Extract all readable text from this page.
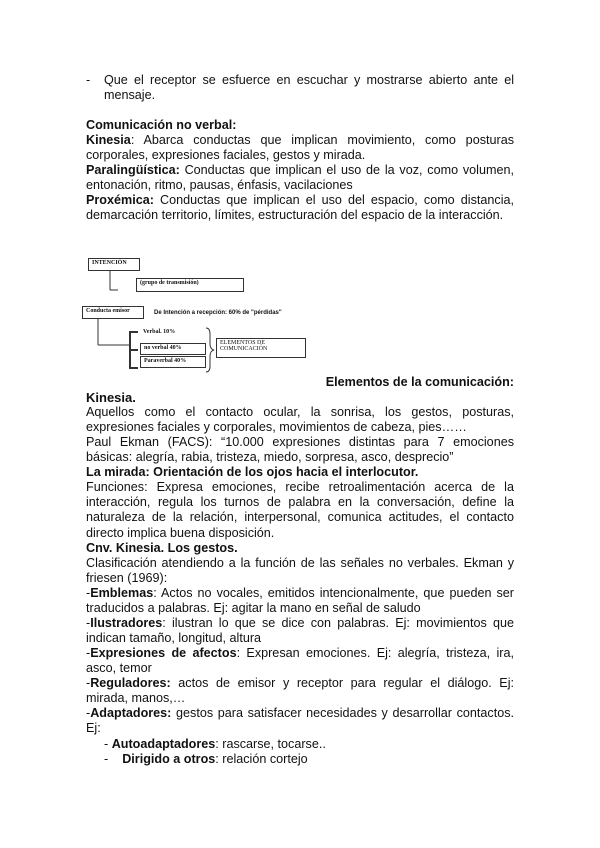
-	Que el receptor se esfuerce en escuchar y mostrarse abierto ante el mensaje.
Comunicación no verbal:
Kinesia: Abarca conductas que implican movimiento, como posturas corporales, expresiones faciales, gestos y mirada.
Paralingüística: Conductas que implican el uso de la voz, como volumen, entonación, ritmo, pausas, énfasis, vacilaciones
Proxémica: Conductas que implican el uso del espacio, como distancia, demarcación territorio, límites, estructuración del espacio de la interacción.
INTENCIÓN
(grupo de transmisión)
Conducta emisor	De Intención a recepción: 60% de "pérdidas"
Verbal. 10%
no verbal 40%
Paraverbal 40%
ELEMENTOS DE COMUNICACIÓN
Elementos de la comunicación:
Kinesia.
Aquellos como el contacto ocular, la sonrisa, los gestos, posturas, expresiones faciales y corporales, movimientos de cabeza, pies……
Paul Ekman (FACS): “10.000 expresiones distintas para 7 emociones básicas: alegría, rabia, tristeza, miedo, sorpresa, asco, desprecio”
La mirada: Orientación de los ojos hacia el interlocutor.
Funciones: Expresa emociones, recibe retroalimentación acerca de la interacción, regula los turnos de palabra en la conversación, define la naturaleza de la relación, interpersonal, comunica actitudes, el contacto directo implica buena disposición.
Cnv. Kinesia. Los gestos.
Clasificación atendiendo a la función de las señales no verbales. Ekman y friesen (1969):
-Emblemas: Actos no vocales, emitidos intencionalmente, que pueden ser traducidos a palabras. Ej: agitar la mano en señal de saludo
-Ilustradores: ilustran lo que se dice con palabras. Ej: movimientos que indican tamaño, longitud, altura
-Expresiones de afectos: Expresan emociones. Ej: alegría, tristeza, ira, asco, temor
-Reguladores: actos de emisor y receptor para regular el diálogo. Ej: mirada, manos,…
-Adaptadores: gestos para satisfacer necesidades y desarrollar contactos. Ej:
- Autoadaptadores: rascarse, tocarse..
- Dirigido a otros: relación cortejo
